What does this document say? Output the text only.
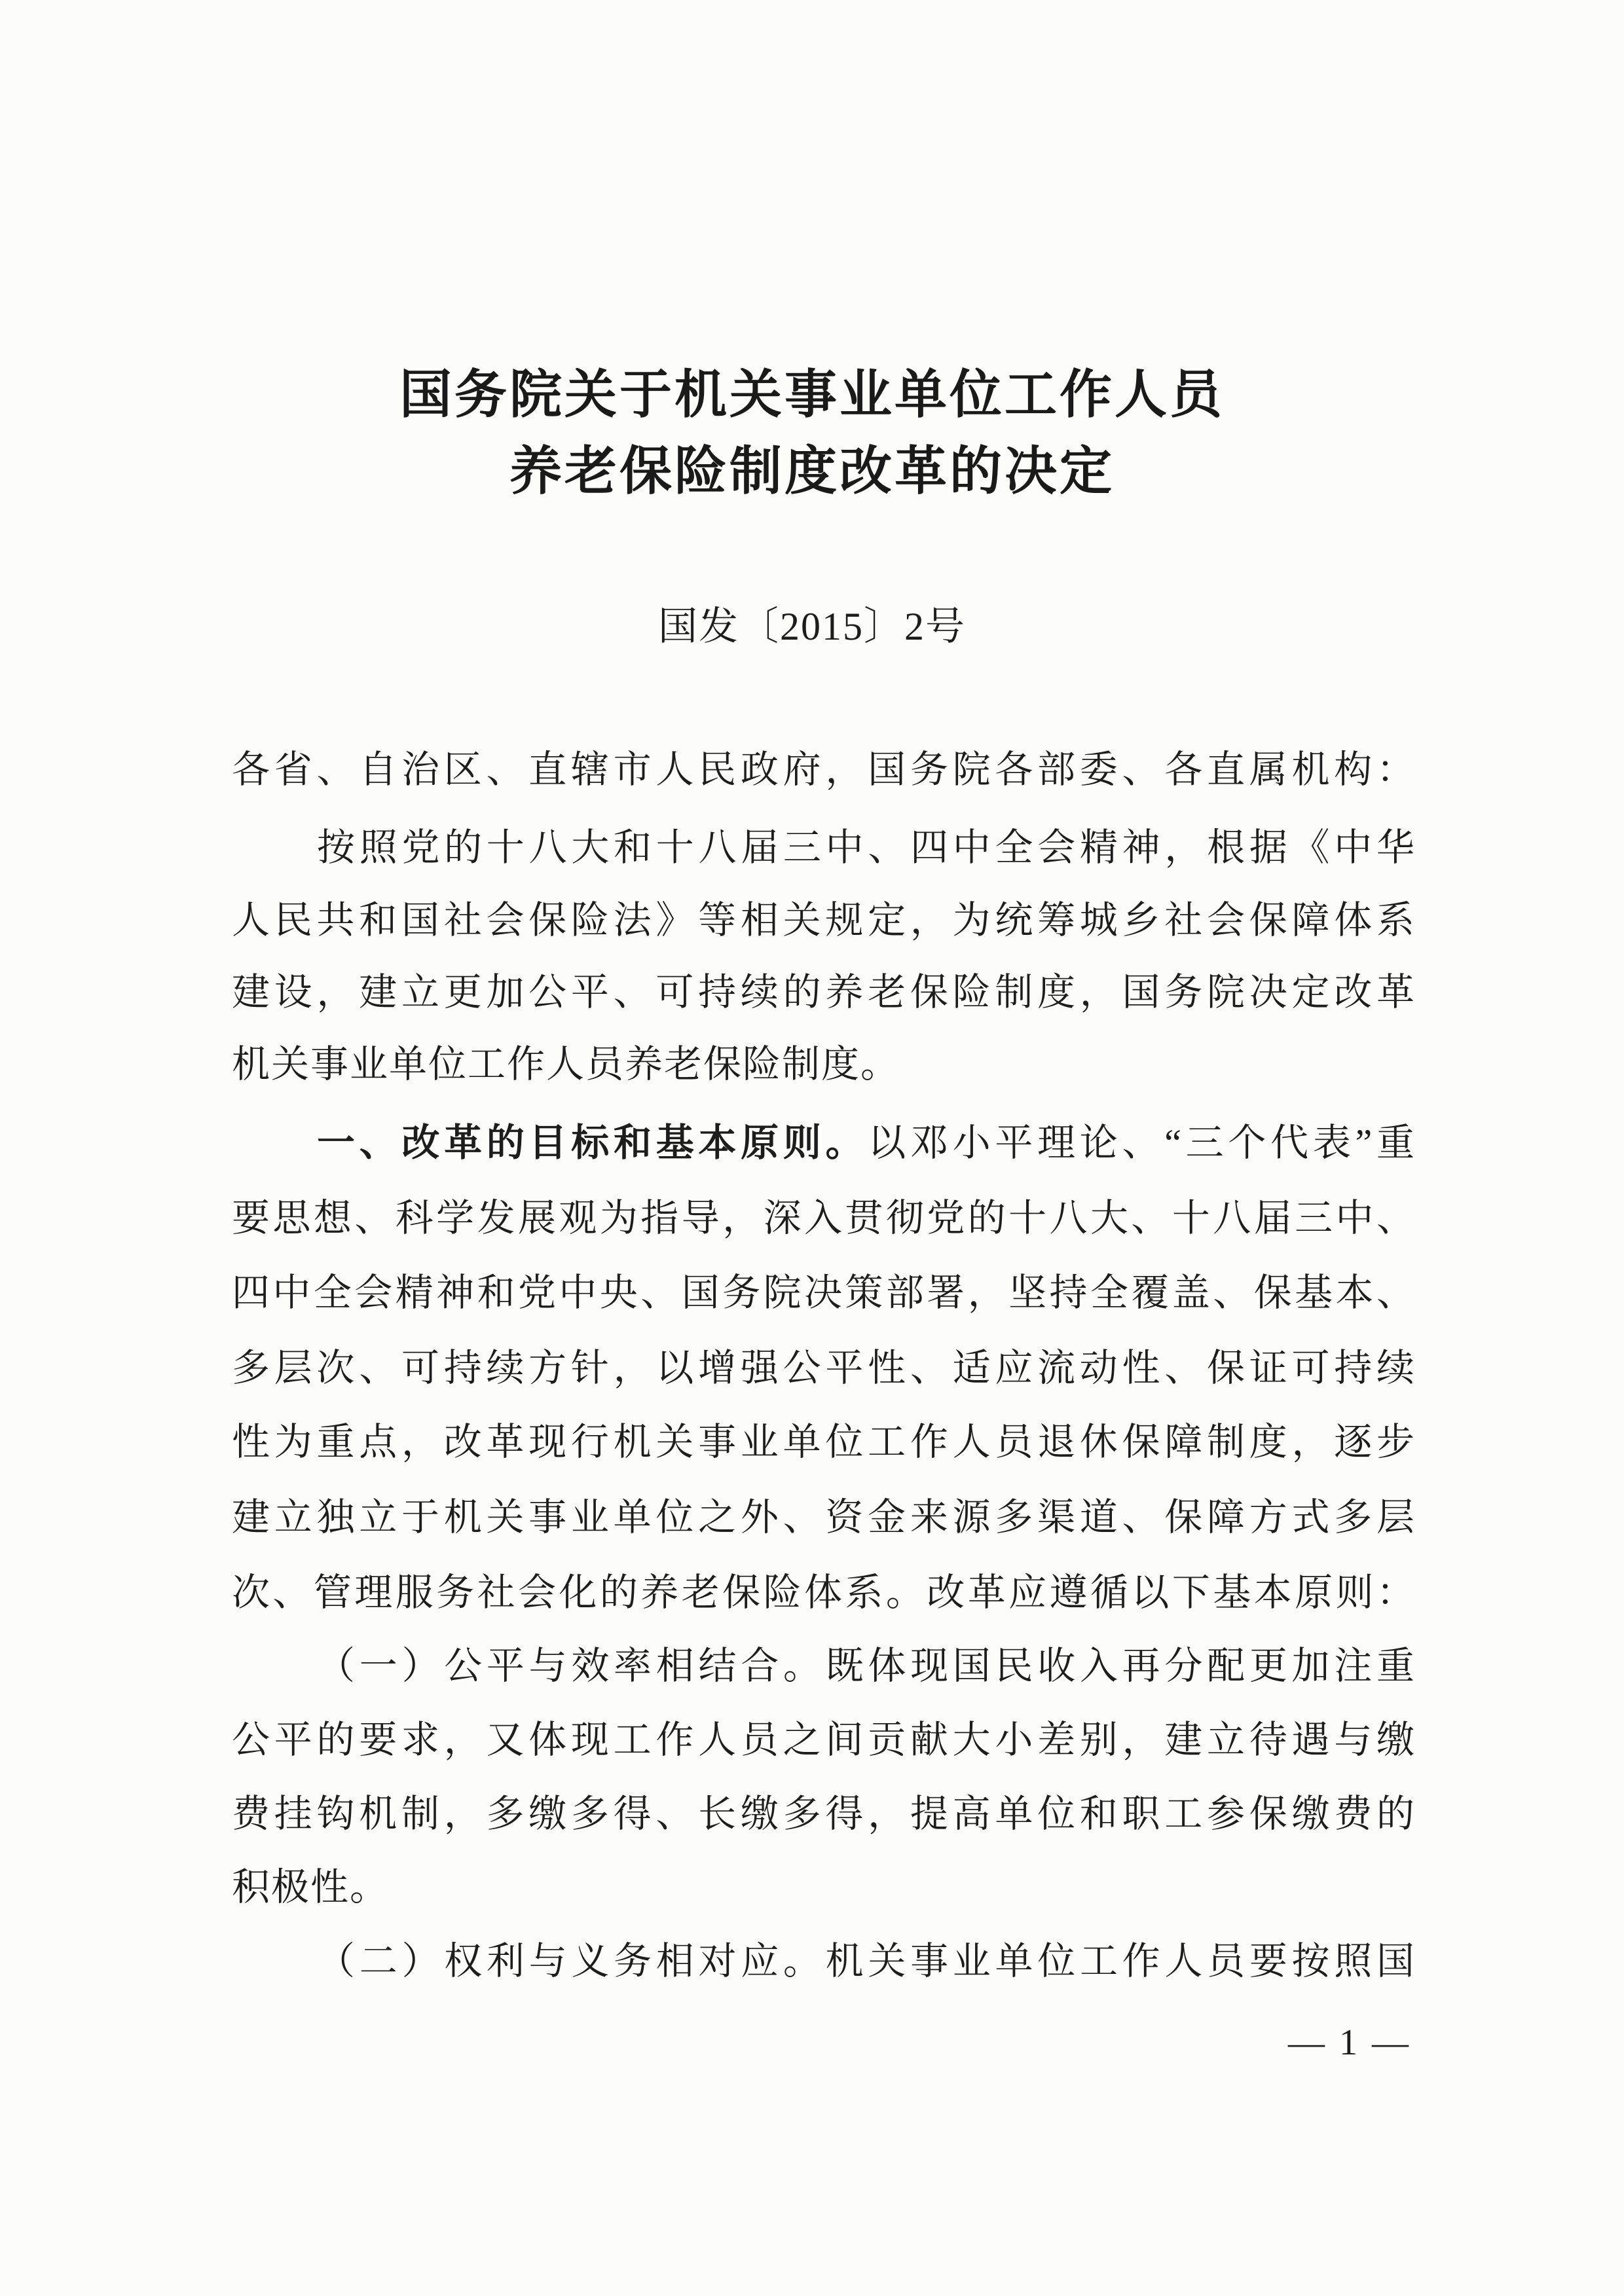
国务院关于机关事业单位工作人员
养老保险制度改革的决定
国发〔2015〕2号
各省、自治区、直辖市人民政府，国务院各部委、各直属机构：
按照党的十八大和十八届三中、四中全会精神，根据《中华
人民共和国社会保险法》等相关规定，为统筹城乡社会保障体系
建设，建立更加公平、可持续的养老保险制度，国务院决定改革
机关事业单位工作人员养老保险制度。
一、改革的目标和基本原则。以邓小平理论、“三个代表”重
要思想、科学发展观为指导，深入贯彻党的十八大、十八届三中、
四中全会精神和党中央、国务院决策部署，坚持全覆盖、保基本、
多层次、可持续方针，以增强公平性、适应流动性、保证可持续
性为重点，改革现行机关事业单位工作人员退休保障制度，逐步
建立独立于机关事业单位之外、资金来源多渠道、保障方式多层
次、管理服务社会化的养老保险体系。改革应遵循以下基本原则：
（一）公平与效率相结合。既体现国民收入再分配更加注重
公平的要求，又体现工作人员之间贡献大小差别，建立待遇与缴
费挂钩机制，多缴多得、长缴多得，提高单位和职工参保缴费的
积极性。
（二）权利与义务相对应。机关事业单位工作人员要按照国
— 1 —
